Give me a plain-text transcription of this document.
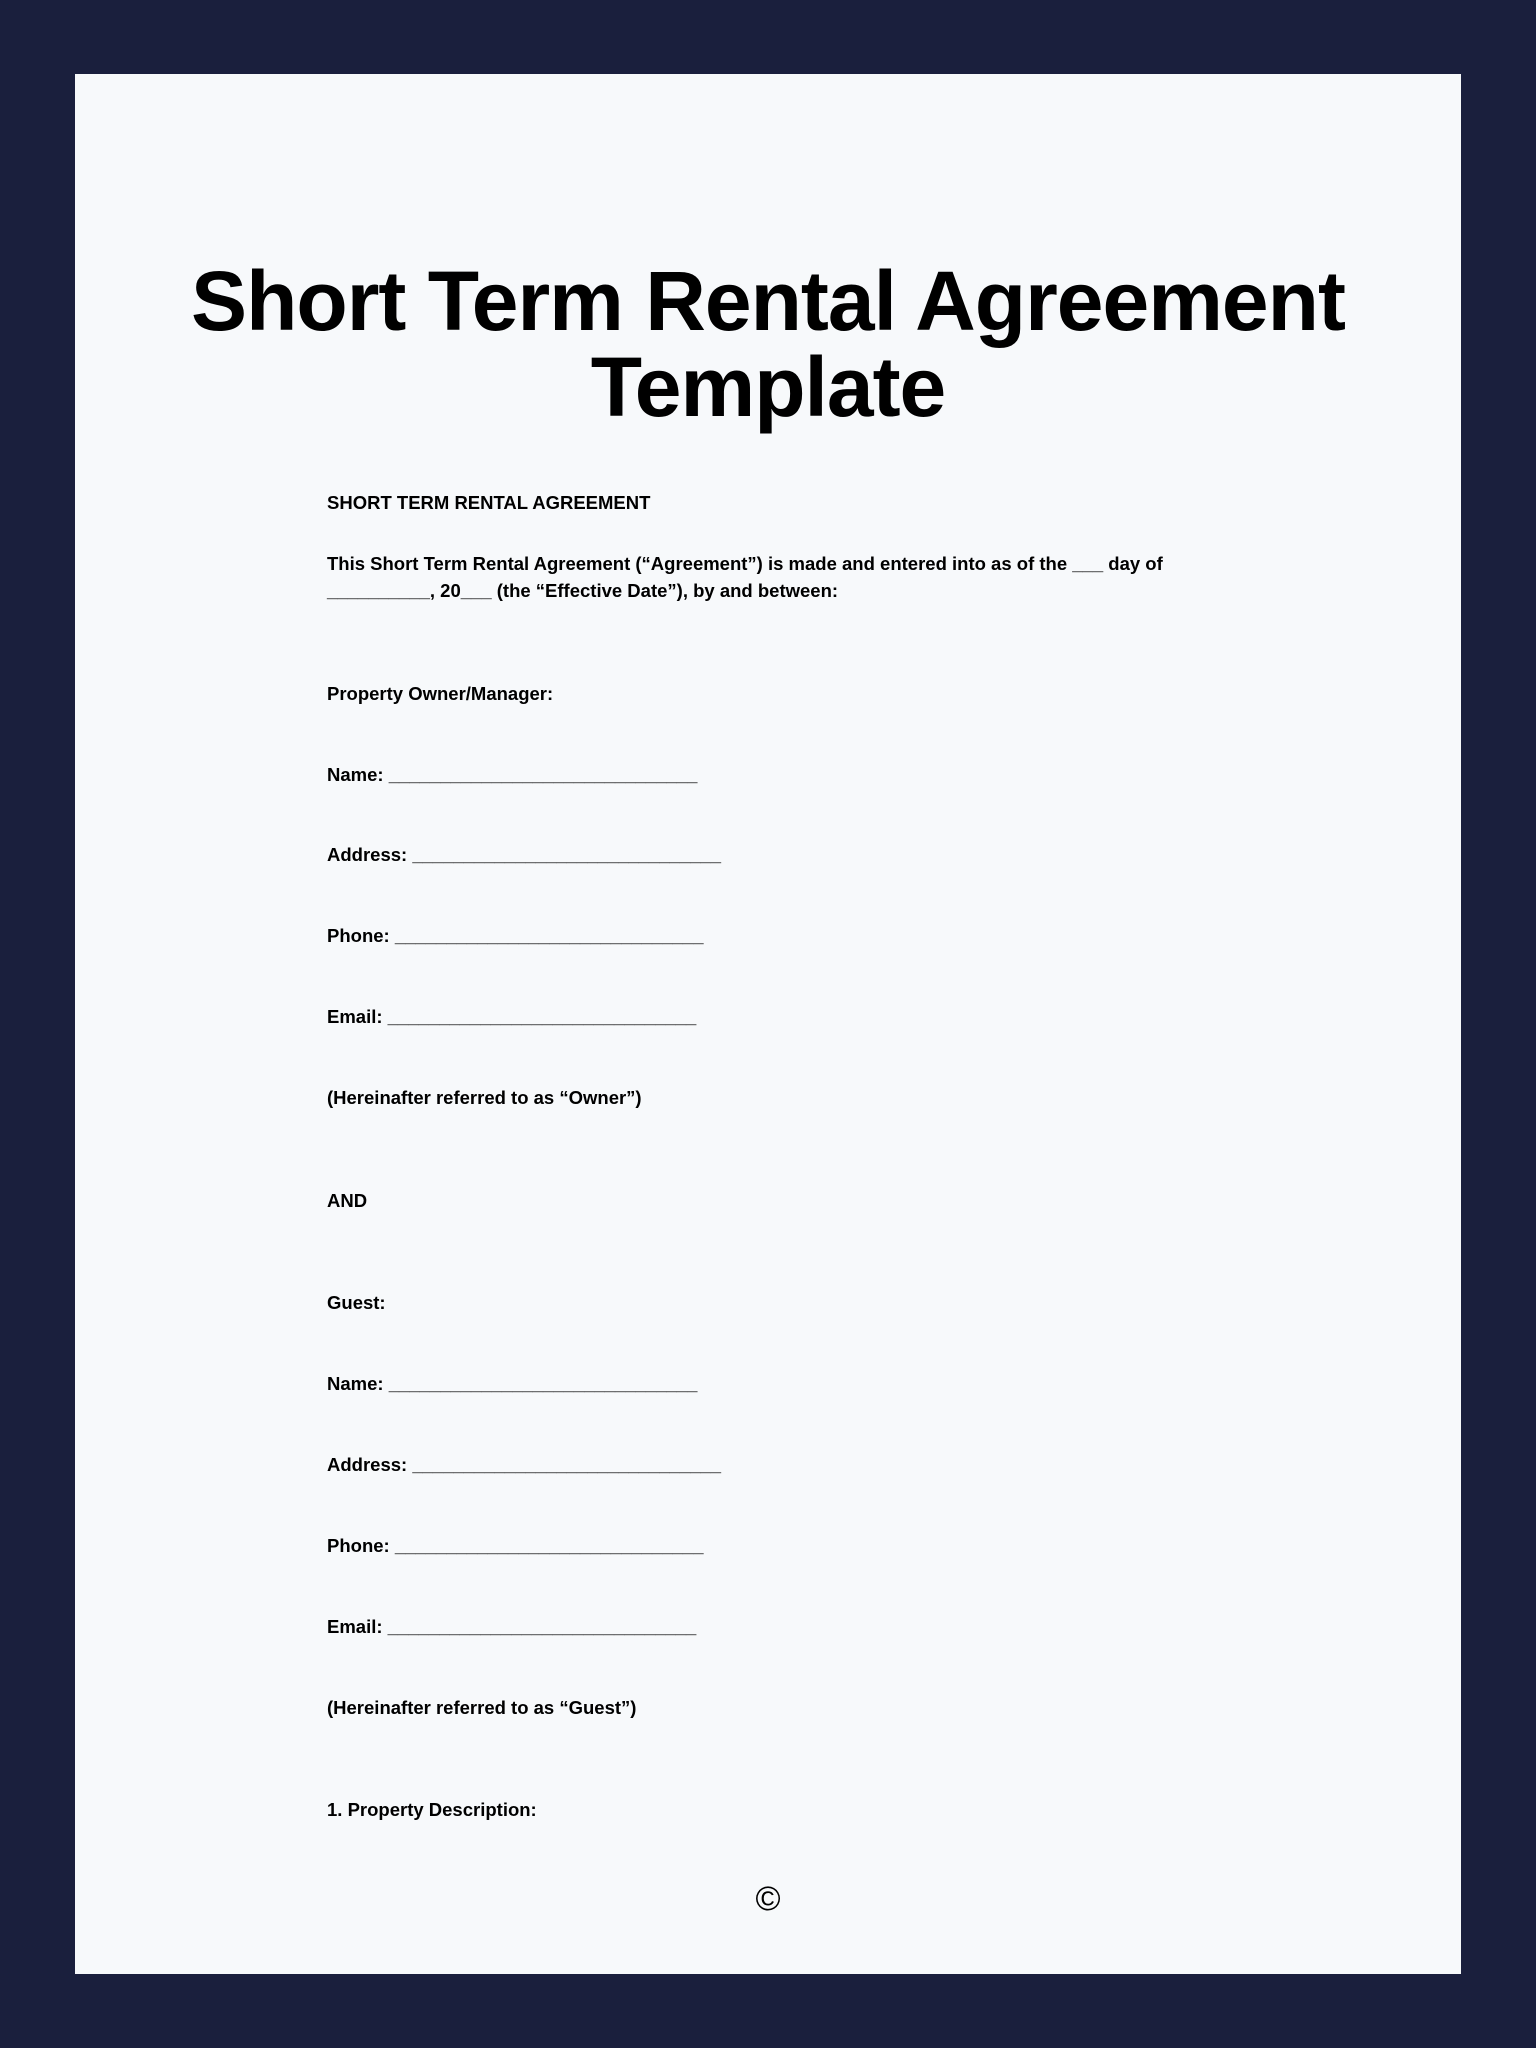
Short Term Rental Agreement Template
SHORT TERM RENTAL AGREEMENT
This Short Term Rental Agreement (“Agreement”) is made and entered into as of the ___ day of __________, 20___ (the “Effective Date”), by and between:
Property Owner/Manager:
Name: ______________________________
Address: ______________________________
Phone: ______________________________
Email: ______________________________
(Hereinafter referred to as “Owner”)
AND
Guest:
Name: ______________________________
Address: ______________________________
Phone: ______________________________
Email: ______________________________
(Hereinafter referred to as “Guest”)
1. Property Description:
©
